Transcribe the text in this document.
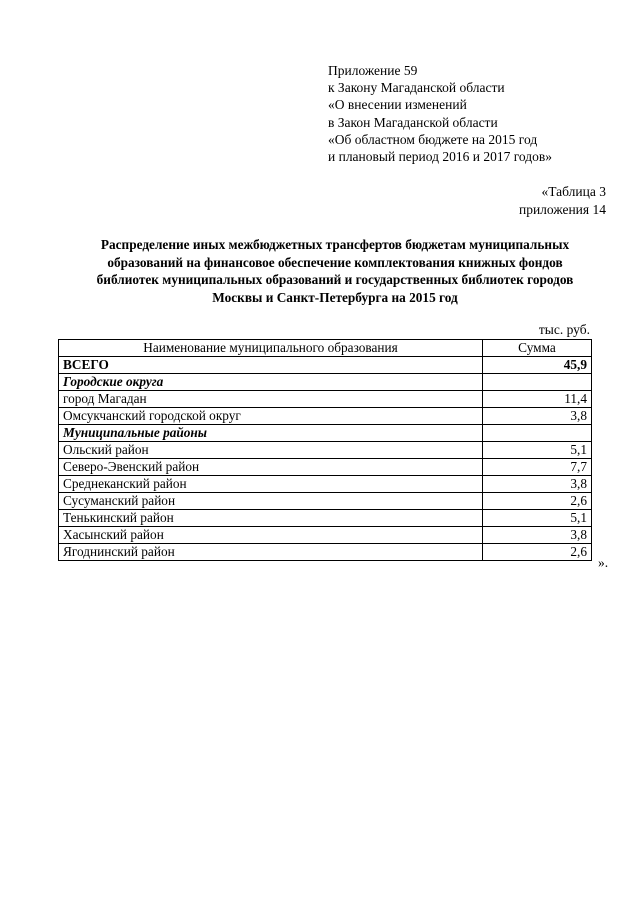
Приложение 59
к Закону Магаданской области
«О внесении изменений
в Закон Магаданской области
«Об областном бюджете на 2015 год
и плановый период 2016 и 2017 годов»
«Таблица 3
приложения 14
Распределение иных межбюджетных трансфертов бюджетам муниципальных
образований на финансовое обеспечение комплектования книжных фондов
библиотек муниципальных образований и государственных библиотек городов
Москвы и Санкт-Петербурга на 2015 год
тыс. руб.
Наименование муниципального образования	Сумма
ВСЕГО	45,9
Городские округа	
город Магадан	11,4
Омсукчанский городской округ	3,8
Муниципальные районы	
Ольский район	5,1
Северо-Эвенский район	7,7
Среднеканский район	3,8
Сусуманский район	2,6
Тенькинский район	5,1
Хасынский район	3,8
Ягоднинский район	2,6
».
